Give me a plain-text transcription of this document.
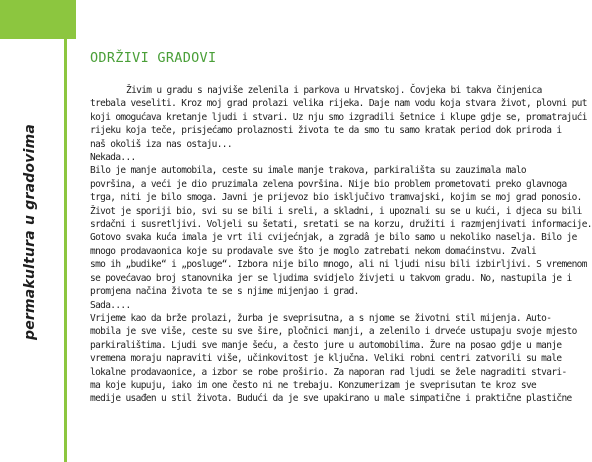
permakultura u gradovima
ODRŽIVI GRADOVI
Živim u gradu s najviše zelenila i parkova u Hrvatskoj. Čovjeka bi takva činjenica
trebala veseliti. Kroz moj grad prolazi velika rijeka. Daje nam vodu koja stvara život, plovni put
koji omogućava kretanje ljudi i stvari. Uz nju smo izgradili šetnice i klupe gdje se, promatrajući
rijeku koja teče, prisjećamo prolaznosti života te da smo tu samo kratak period dok priroda i
naš okoliš iza nas ostaju...
Nekada...
Bilo je manje automobila, ceste su imale manje trakova, parkirališta su zauzimala malo
površina, a veći je dio pruzimala zelena površina. Nije bio problem prometovati preko glavnoga
trga, niti je bilo smoga. Javni je prijevoz bio isključivo tramvajski, kojim se moj grad ponosio.
Život je sporiji bio, svi su se bili i sreli, a skladni, i upoznali su se u kući, i djeca su bili
srdačni i susretljivi. Voljeli su šetati, sretati se na korzu, družiti i razmjenjivati informacije.
Gotovo svaka kuća imala je vrt ili cvijećnjak, a zgradâ je bilo samo u nekoliko naselja. Bilo je
mnogo prodavaonica koje su prodavale sve što je moglo zatrebati nekom domaćinstvu. Zvali
smo ih „budike“ i „posluge“. Izbora nije bilo mnogo, ali ni ljudi nisu bili izbirljivi. S vremenom
se povećavao broj stanovnika jer se ljudima svidjelo živjeti u takvom gradu. No, nastupila je i
promjena načina života te se s njime mijenjao i grad.
Sada....
Vrijeme kao da brže prolazi, žurba je sveprisutna, a s njome se životni stil mijenja. Auto-
mobila je sve više, ceste su sve šire, pločnici manji, a zelenilo i drveće ustupaju svoje mjesto
parkiralištima. Ljudi sve manje šeću, a često jure u automobilima. Žure na posao gdje u manje
vremena moraju napraviti više, učinkovitost je ključna. Veliki robni centri zatvorili su male
lokalne prodavaonice, a izbor se robe proširio. Za naporan rad ljudi se žele nagraditi stvari-
ma koje kupuju, iako im one često ni ne trebaju. Konzumerizam je sveprisutan te kroz sve
medije usađen u stil života. Budući da je sve upakirano u male simpatične i praktične plastične
